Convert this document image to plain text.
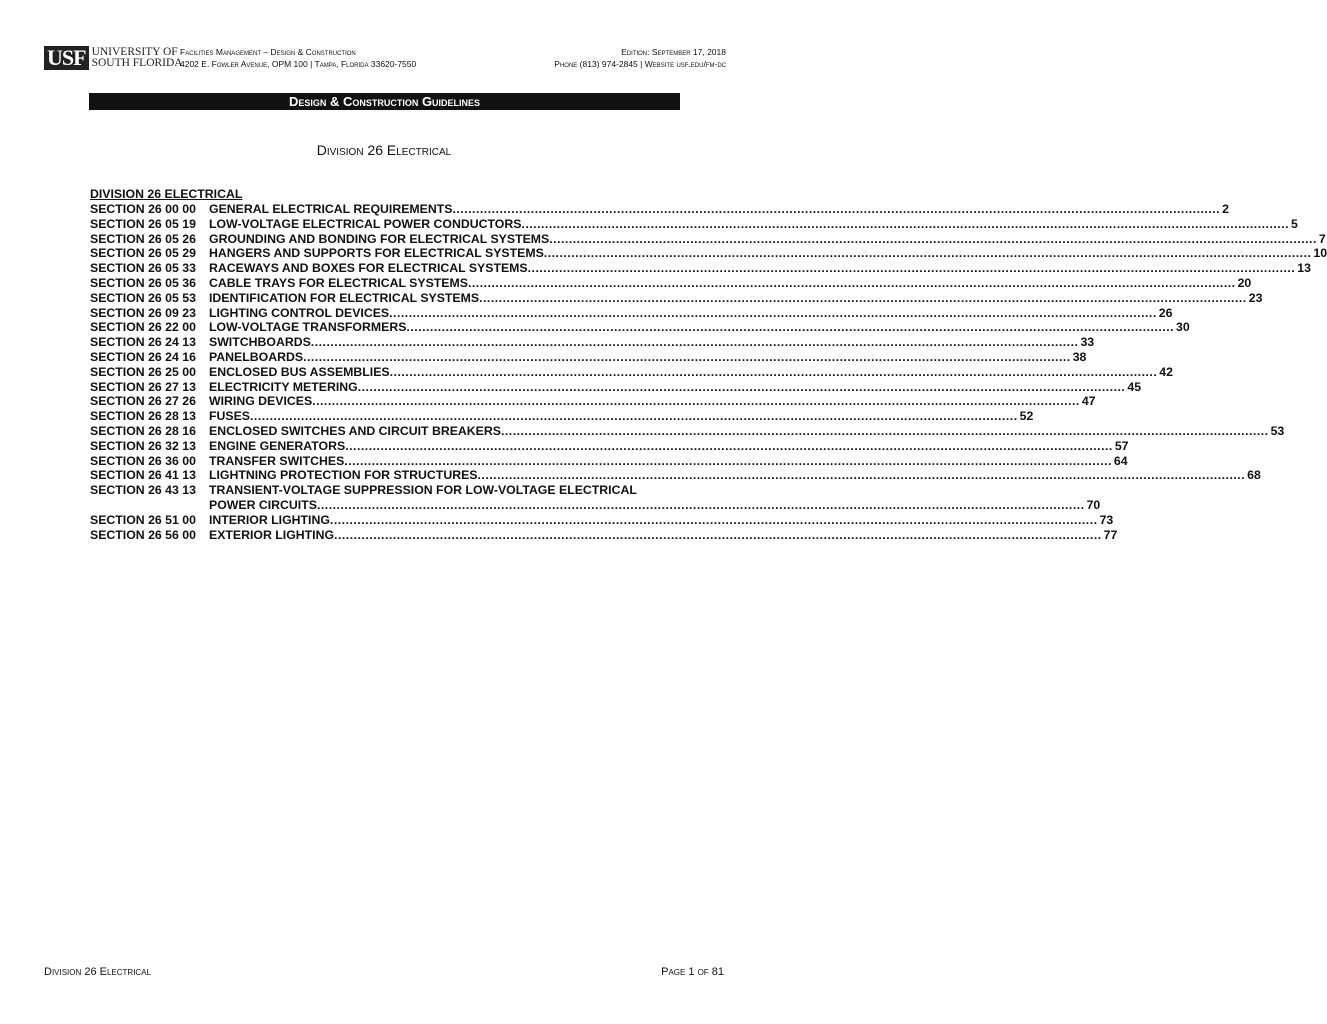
USF UNIVERSITY OF
SOUTH FLORIDA
Facilities Management – Design & Construction
4202 E. Fowler Avenue, OPM 100 | Tampa, Florida 33620-7550
Edition: September 17, 2018
Phone (813) 974-2845 | Website usf.edu/fm-dc
Design & Construction Guidelines
Division 26 Electrical
DIVISION 26 ELECTRICAL
SECTION 26 00 00	GENERAL ELECTRICAL REQUIREMENTS .....	2
SECTION 26 05 19	LOW-VOLTAGE ELECTRICAL POWER CONDUCTORS .....	5
SECTION 26 05 26	GROUNDING AND BONDING FOR ELECTRICAL SYSTEMS .....	7
SECTION 26 05 29	HANGERS AND SUPPORTS FOR ELECTRICAL SYSTEMS .....	10
SECTION 26 05 33	RACEWAYS AND BOXES FOR ELECTRICAL SYSTEMS .....	13
SECTION 26 05 36	CABLE TRAYS FOR ELECTRICAL SYSTEMS .....	20
SECTION 26 05 53	IDENTIFICATION FOR ELECTRICAL SYSTEMS .....	23
SECTION 26 09 23	LIGHTING CONTROL DEVICES .....	26
SECTION 26 22 00	LOW-VOLTAGE TRANSFORMERS .....	30
SECTION 26 24 13	SWITCHBOARDS .....	33
SECTION 26 24 16	PANELBOARDS .....	38
SECTION 26 25 00	ENCLOSED BUS ASSEMBLIES .....	42
SECTION 26 27 13	ELECTRICITY METERING .....	45
SECTION 26 27 26	WIRING DEVICES .....	47
SECTION 26 28 13	FUSES .....	52
SECTION 26 28 16	ENCLOSED SWITCHES AND CIRCUIT BREAKERS .....	53
SECTION 26 32 13	ENGINE GENERATORS .....	57
SECTION 26 36 00	TRANSFER SWITCHES .....	64
SECTION 26 41 13	LIGHTNING PROTECTION FOR STRUCTURES .....	68
SECTION 26 43 13	TRANSIENT-VOLTAGE SUPPRESSION FOR LOW-VOLTAGE ELECTRICAL
POWER CIRCUITS .....	70
SECTION 26 51 00	INTERIOR LIGHTING .....	73
SECTION 26 56 00	EXTERIOR LIGHTING .....	77
Division 26 Electrical	Page 1 of 81
